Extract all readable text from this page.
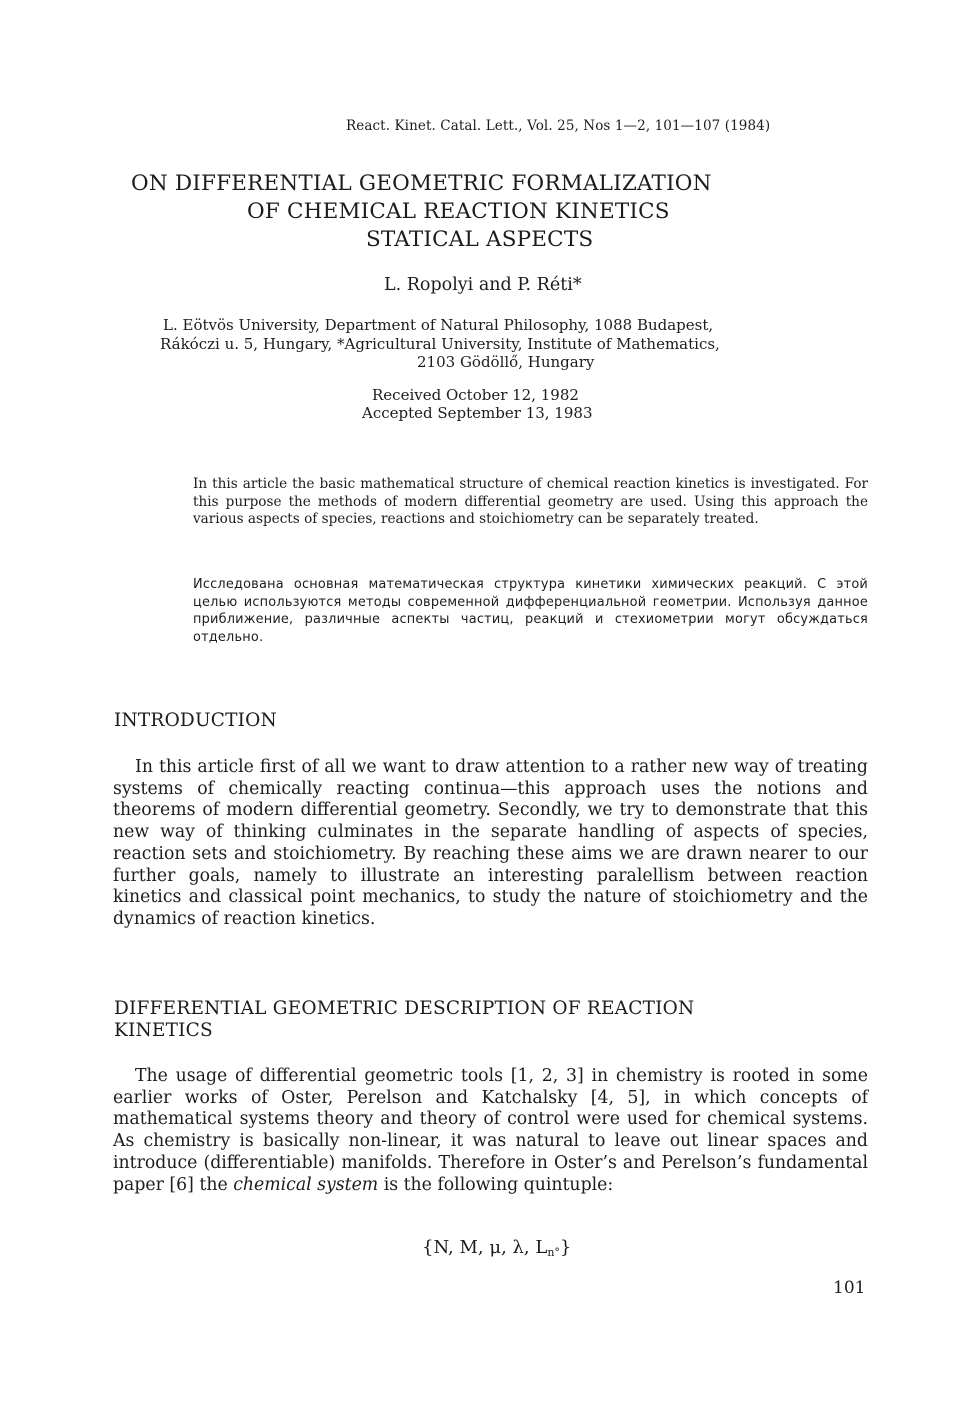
React. Kinet. Catal. Lett., Vol. 25, Nos 1—2, 101—107 (1984)
ON DIFFERENTIAL GEOMETRIC FORMALIZATION
OF CHEMICAL REACTION KINETICS
STATICAL ASPECTS
L. Ropolyi and P. Réti*
L. Eötvös University, Department of Natural Philosophy, 1088 Budapest,
Rákóczi u. 5, Hungary, *Agricultural University, Institute of Mathematics,
2103 Gödöllő, Hungary
Received October 12, 1982
Accepted September 13, 1983
In this article the basic mathematical structure of chemical reaction kinetics is investigated. For this purpose the methods of modern differential geometry are used. Using this approach the various aspects of species, reactions and stoichiometry can be separately treated.
Исследована основная математическая структура кинетики химических реакций. С этой целью используются методы современной дифференциальной геометрии. Используя данное приближение, различные аспекты частиц, реакций и стехиометрии могут обсуждаться отдельно.
INTRODUCTION
In this article first of all we want to draw attention to a rather new way of treating systems of chemically reacting continua—this approach uses the notions and theorems of modern differential geometry. Secondly, we try to demonstrate that this new way of thinking culminates in the separate handling of aspects of species, reaction sets and stoichiometry. By reaching these aims we are drawn nearer to our further goals, namely to illustrate an interesting paralellism between reaction kinetics and classical point mechanics, to study the nature of stoichiometry and the dynamics of reaction kinetics.
DIFFERENTIAL GEOMETRIC DESCRIPTION OF REACTION
KINETICS
The usage of differential geometric tools [1, 2, 3] in chemistry is rooted in some earlier works of Oster, Perelson and Katchalsky [4, 5], in which concepts of mathematical systems theory and theory of control were used for chemical systems. As chemistry is basically non-linear, it was natural to leave out linear spaces and introduce (differentiable) manifolds. Therefore in Oster’s and Perelson’s fundamental paper [6] the chemical system is the following quintuple:
{N, M, μ, λ, $L_{n^\circ}$}
101
